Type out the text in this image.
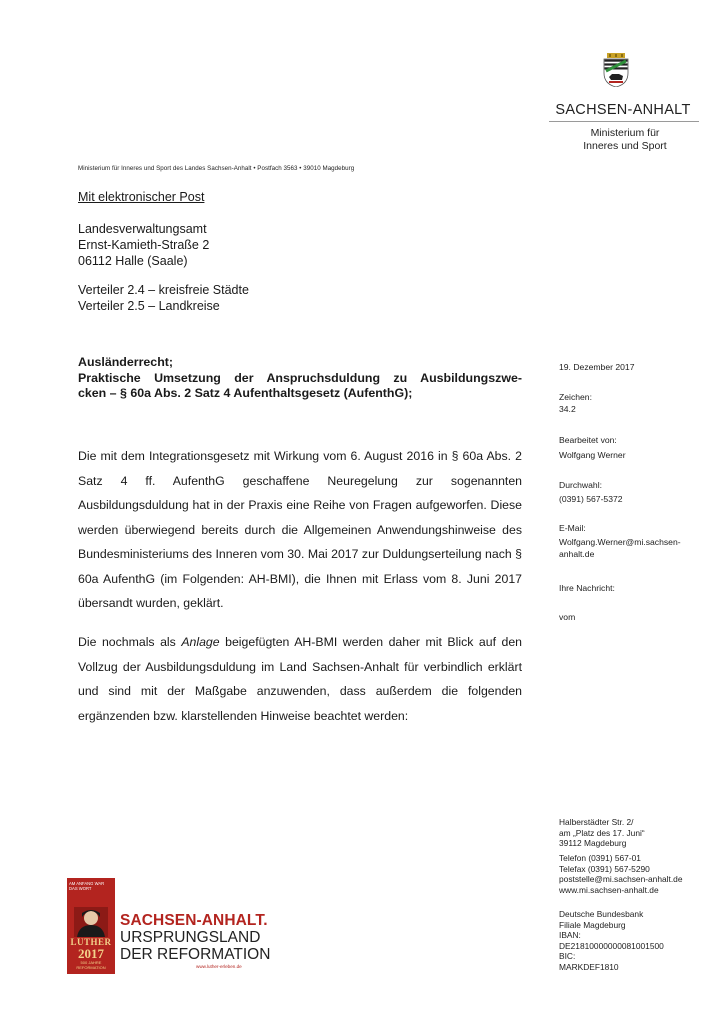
SACHSEN-ANHALT
Ministerium für
Inneres und Sport
Ministerium für Inneres und Sport des Landes Sachsen-Anhalt • Postfach 3563 • 39010 Magdeburg
Mit elektronischer Post
Landesverwaltungsamt
Ernst-Kamieth-Straße 2
06112 Halle (Saale)
Verteiler 2.4 – kreisfreie Städte
Verteiler 2.5 – Landkreise
Ausländerrecht;
Praktische Umsetzung der Anspruchsduldung zu Ausbildungszwe-
cken – § 60a Abs. 2 Satz 4 Aufenthaltsgesetz (AufenthG);
Die mit dem Integrationsgesetz mit Wirkung vom 6. August 2016 in § 60a Abs. 2 Satz 4 ff. AufenthG geschaffene Neuregelung zur sogenannten Ausbildungsduldung hat in der Praxis eine Reihe von Fragen aufgeworfen. Diese werden überwiegend bereits durch die Allgemeinen Anwendungshinweise des Bundesministeriums des Inneren vom 30. Mai 2017 zur Duldungserteilung nach § 60a AufenthG (im Folgenden: AH-BMI), die Ihnen mit Erlass vom 8. Juni 2017 übersandt wurden, geklärt.
Die nochmals als Anlage beigefügten AH-BMI werden daher mit Blick auf den Vollzug der Ausbildungsduldung im Land Sachsen-Anhalt für verbindlich erklärt und sind mit der Maßgabe anzuwenden, dass außerdem die folgenden ergänzenden bzw. klarstellenden Hinweise beachtet werden:
19. Dezember 2017
Zeichen:
34.2
Bearbeitet von:
Wolfgang Werner
Durchwahl:
(0391) 567-5372
E-Mail:
Wolfgang.Werner@mi.sachsen-
anhalt.de
Ihre Nachricht:
vom
Halberstädter Str. 2/
am „Platz des 17. Juni“
39112 Magdeburg
Telefon (0391) 567-01
Telefax (0391) 567-5290
poststelle@mi.sachsen-anhalt.de
www.mi.sachsen-anhalt.de
Deutsche Bundesbank
Filiale Magdeburg
IBAN:
DE21810000000081001500
BIC:
MARKDEF1810
AM ANFANG WAR DAS WORT
LUTHER
2017
500 JAHRE REFORMATION
SACHSEN-ANHALT.
URSPRUNGSLAND
DER REFORMATION
www.luther-erleben.de
